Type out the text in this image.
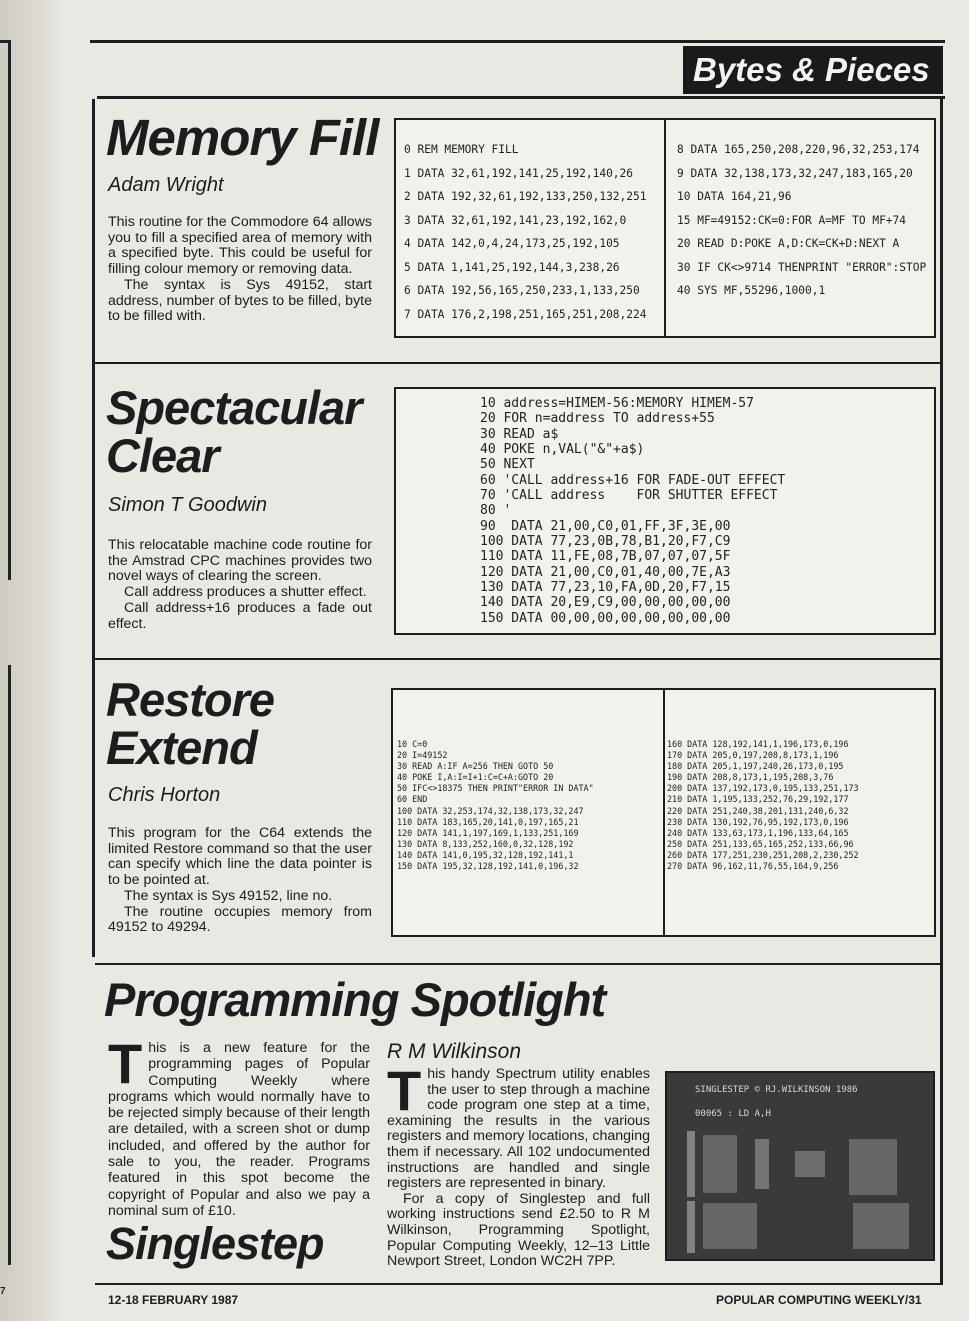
7
Bytes & Pieces
Memory Fill
Adam Wright

This routine for the Commodore 64 allows you to fill a specified area of memory with a specified byte. This could be useful for filling colour memory or removing data.

The syntax is Sys 49152, start address, number of bytes to be filled, byte to be filled with.

0 REM MEMORY FILL
1 DATA 32,61,192,141,25,192,140,26
2 DATA 192,32,61,192,133,250,132,251
3 DATA 32,61,192,141,23,192,162,0
4 DATA 142,0,4,24,173,25,192,105
5 DATA 1,141,25,192,144,3,238,26
6 DATA 192,56,165,250,233,1,133,250
7 DATA 176,2,198,251,165,251,208,224
8 DATA 165,250,208,220,96,32,253,174
9 DATA 32,138,173,32,247,183,165,20
10 DATA 164,21,96
15 MF=49152:CK=0:FOR A=MF TO MF+74
20 READ D:POKE A,D:CK=CK+D:NEXT A
30 IF CK<>9714 THENPRINT "ERROR":STOP
40 SYS MF,55296,1000,1
Spectacular
Clear
Simon T Goodwin

This relocatable machine code routine for the Amstrad CPC machines provides two novel ways of clearing the screen.

Call address produces a shutter effect.

Call address+16 produces a fade out effect.

10 address=HIMEM-56:MEMORY HIMEM-57
20 FOR n=address TO address+55
30 READ a$
40 POKE n,VAL("&"+a$)
50 NEXT
60 'CALL address+16 FOR FADE-OUT EFFECT
70 'CALL address    FOR SHUTTER EFFECT
80 '
90  DATA 21,00,C0,01,FF,3F,3E,00
100 DATA 77,23,0B,78,B1,20,F7,C9
110 DATA 11,FE,08,7B,07,07,07,5F
120 DATA 21,00,C0,01,40,00,7E,A3
130 DATA 77,23,10,FA,0D,20,F7,15
140 DATA 20,E9,C9,00,00,00,00,00
150 DATA 00,00,00,00,00,00,00,00
Restore
Extend
Chris Horton

This program for the C64 extends the limited Restore command so that the user can specify which line the data pointer is to be pointed at.

The syntax is Sys 49152, line no.

The routine occupies memory from 49152 to 49294.

10 C=0
20 I=49152
30 READ A:IF A=256 THEN GOTO 50
40 POKE I,A:I=I+1:C=C+A:GOTO 20
50 IFC<>18375 THEN PRINT"ERROR IN DATA"
60 END
100 DATA 32,253,174,32,138,173,32,247
110 DATA 183,165,20,141,0,197,165,21
120 DATA 141,1,197,169,1,133,251,169
130 DATA 8,133,252,160,0,32,128,192
140 DATA 141,0,195,32,128,192,141,1
150 DATA 195,32,128,192,141,0,196,32
160 DATA 128,192,141,1,196,173,0,196
170 DATA 205,0,197,208,8,173,1,196
180 DATA 205,1,197,240,26,173,0,195
190 DATA 208,8,173,1,195,208,3,76
200 DATA 137,192,173,0,195,133,251,173
210 DATA 1,195,133,252,76,29,192,177
220 DATA 251,240,38,201,131,240,6,32
230 DATA 130,192,76,95,192,173,0,196
240 DATA 133,63,173,1,196,133,64,165
250 DATA 251,133,65,165,252,133,66,96
260 DATA 177,251,230,251,208,2,230,252
270 DATA 96,162,11,76,55,164,9,256
Programming Spotlight
This is a new feature for the programming pages of Popular Computing Weekly where programs which would normally have to be rejected simply because of their length are detailed, with a screen shot or dump included, and offered by the author for sale to you, the reader. Programs featured in this spot become the copyright of Popular and also we pay a nominal sum of £10.
Singlestep
R M Wilkinson

This handy Spectrum utility enables the user to step through a machine code program one step at a time, examining the results in the various registers and memory locations, changing them if necessary. All 102 undocumented instructions are handled and single registers are represented in binary.

For a copy of Singlestep and full working instructions send £2.50 to R M Wilkinson, Programming Spotlight, Popular Computing Weekly, 12–13 Little Newport Street, London WC2H 7PP.

SINGLESTEP © RJ.WILKINSON 1986
00065 : LD A,H
12-18 FEBRUARY 1987	POPULAR COMPUTING WEEKLY/31
